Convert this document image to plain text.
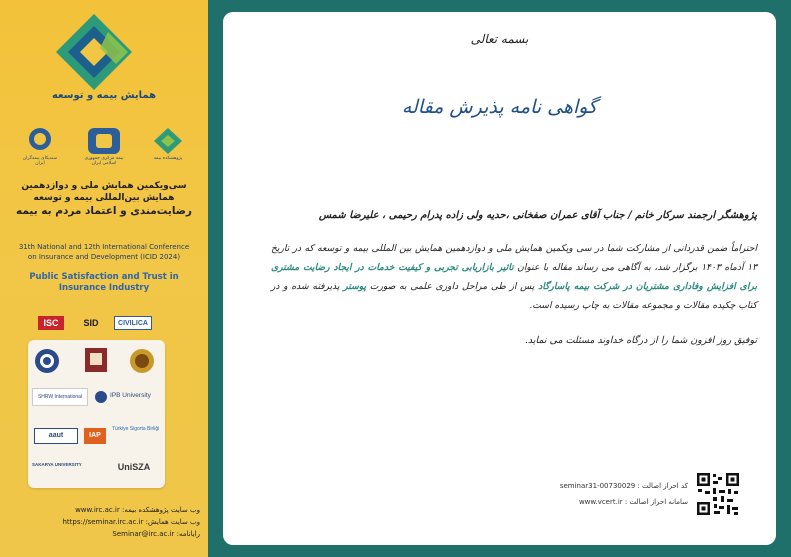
همایش بیمه و توسعه
سندیکای بیمه‌گران ایران
بیمه مرکزی جمهوری اسلامی ایران
پژوهشکده بیمه
سی‌ویکمین همایش ملی و دوازدهمین
همایش بین‌المللی بیمه و توسعه
رضایت‌مندی و اعتماد مردم به بیمه
31th National and 12th International Conference
on Insurance and Development (ICID 2024)
Public Satisfaction and Trust in
Insurance Industry
ISC	SID	CIVILICA
SHRW International	IPB University
aaut	IAP
Türkiye Sigorta Birliği
SAKARYA UNIVERSITY	UniSZA
وب سایت پژوهشکده بیمه: www.irc.ac.ir
وب سایت همایش: https://seminar.irc.ac.ir
رایانامه: Seminar@irc.ac.ir
بسمه تعالی
گواهی نامه پذیرش مقاله
پژوهشگر ارجمند سرکار خانم / جناب آقای عمران صفخانی ،حدیه ولی زاده پدرام رحیمی ، علیرضا شمس
احتراماً ضمن قدردانی از مشارکت شما در سی ویکمین همایش ملی و دوازدهمین همایش بین المللی بیمه و توسعه که در تاریخ ۱۳ آذماه ۱۴۰۳ برگزار شد، به آگاهی می رساند مقاله با عنوان تاثیر بازاریابی تجربی و کیفیت خدمات در ایجاد رضایت مشتری برای افزایش وفاداری مشتریان در شرکت بیمه پاسارگاد پس از طی مراحل داوری علمی به صورت پوستر پذیرفته شده و در کتاب چکیده مقالات و مجموعه مقالات به چاپ رسیده است.
توفیق روز افزون شما را از درگاه خداوند مسئلت می نماید.
کد احراز اصالت : seminar31-00730029
سامانه احراز اصالت : www.vcert.ir
